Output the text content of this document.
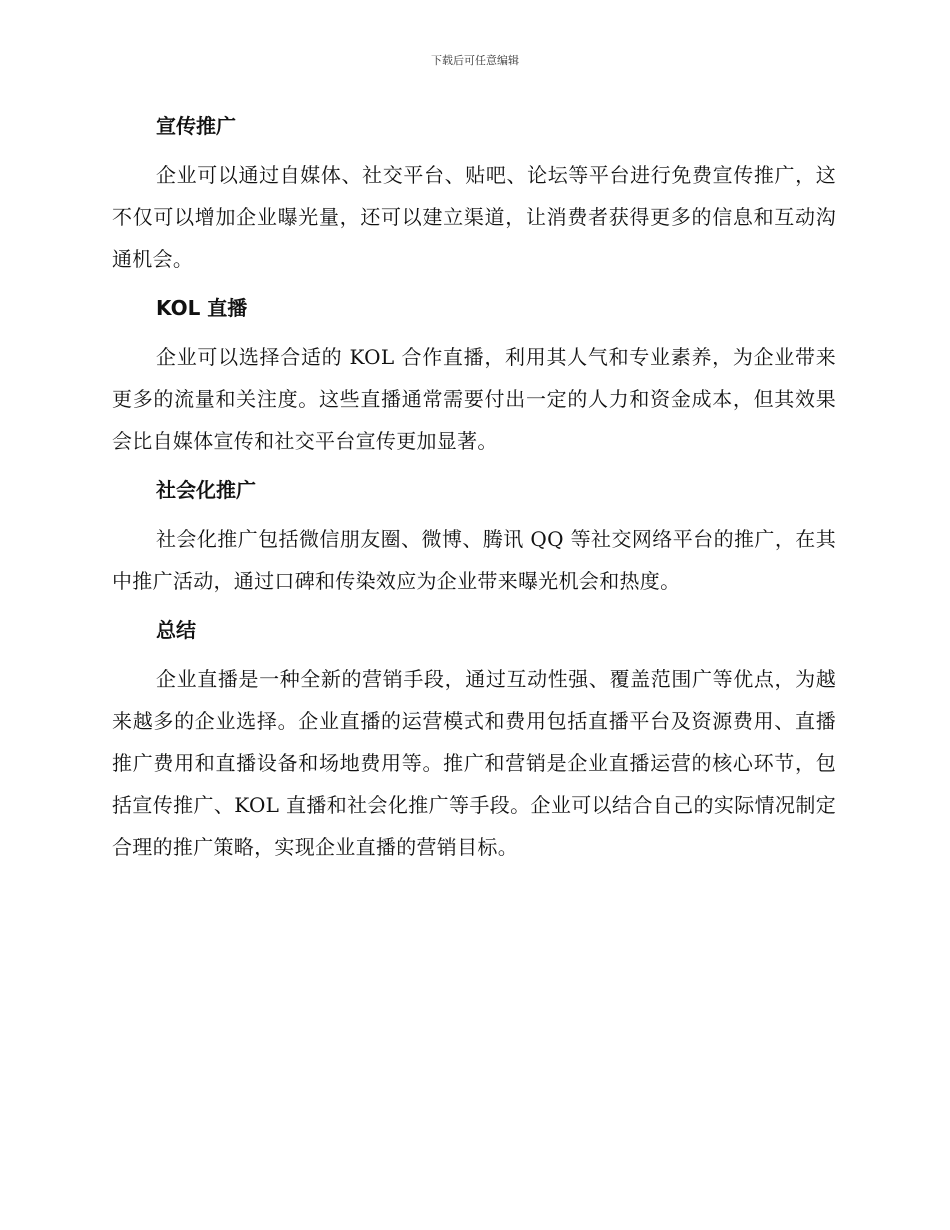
下载后可任意编辑
宣传推广

企业可以通过自媒体、社交平台、贴吧、论坛等平台进行免费宣传推广，这不仅可以增加企业曝光量，还可以建立渠道，让消费者获得更多的信息和互动沟通机会。

KOL 直播

企业可以选择合适的 KOL 合作直播，利用其人气和专业素养，为企业带来更多的流量和关注度。这些直播通常需要付出一定的人力和资金成本，但其效果会比自媒体宣传和社交平台宣传更加显著。

社会化推广

社会化推广包括微信朋友圈、微博、腾讯 QQ 等社交网络平台的推广，在其中推广活动，通过口碑和传染效应为企业带来曝光机会和热度。

总结

企业直播是一种全新的营销手段，通过互动性强、覆盖范围广等优点，为越来越多的企业选择。企业直播的运营模式和费用包括直播平台及资源费用、直播推广费用和直播设备和场地费用等。推广和营销是企业直播运营的核心环节，包括宣传推广、KOL 直播和社会化推广等手段。企业可以结合自己的实际情况制定合理的推广策略，实现企业直播的营销目标。
